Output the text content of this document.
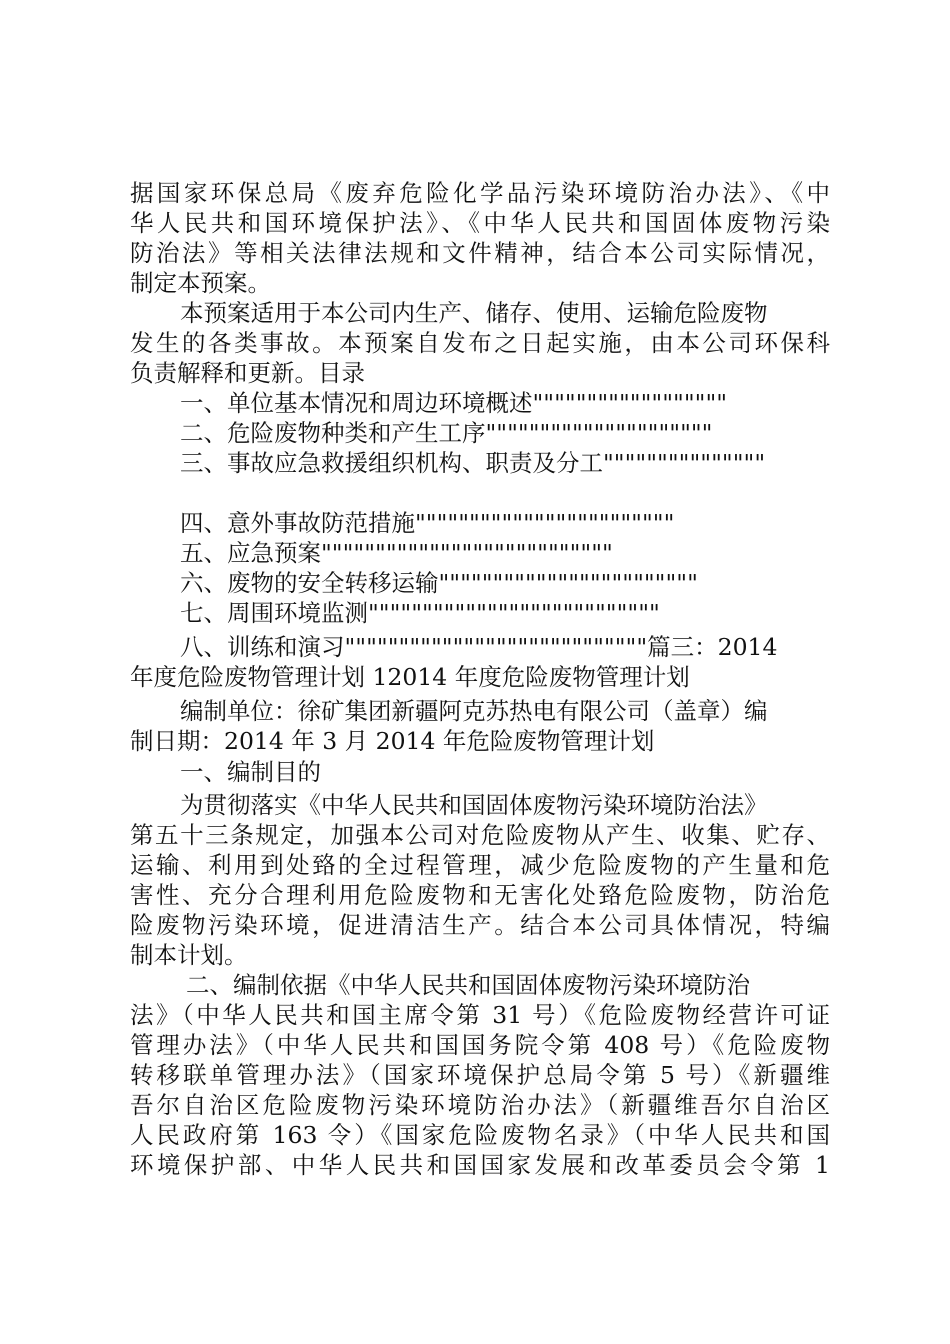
据国家环保总局《废弃危险化学品污染环境防治办法》、《中
华人民共和国环境保护法》、《中华人民共和国固体废物污染
防治法》等相关法律法规和文件精神，结合本公司实际情况，
制定本预案。
本预案适用于本公司内生产、储存、使用、运输危险废物
发生的各类事故。本预案自发布之日起实施，由本公司环保科
负责解释和更新。目录
一、单位基本情况和周边环境概述""""""""""""""""""
二、危险废物种类和产生工序"""""""""""""""""""""
三、事故应急救援组织机构、职责及分工"""""""""""""""
四、意外事故防范措施""""""""""""""""""""""""
五、应急预案"""""""""""""""""""""""""""
六、废物的安全转移运输""""""""""""""""""""""""
七、周围环境监测"""""""""""""""""""""""""""
八、训练和演习""""""""""""""""""""""""""""篇三：2014
年度危险废物管理计划 12014 年度危险废物管理计划
编制单位：徐矿集团新疆阿克苏热电有限公司（盖章）编
制日期：2014 年 3 月 2014 年危险废物管理计划
一、编制目的
为贯彻落实《中华人民共和国固体废物污染环境防治法》
第五十三条规定，加强本公司对危险废物从产生、收集、贮存、
运输、利用到处臵的全过程管理，减少危险废物的产生量和危
害性、充分合理利用危险废物和无害化处臵危险废物，防治危
险废物污染环境，促进清洁生产。结合本公司具体情况，特编
制本计划。
二、编制依据《中华人民共和国固体废物污染环境防治
法》（中华人民共和国主席令第 31 号）《危险废物经营许可证
管理办法》（中华人民共和国国务院令第 408 号）《危险废物
转移联单管理办法》（国家环境保护总局令第 5 号）《新疆维
吾尔自治区危险废物污染环境防治办法》（新疆维吾尔自治区
人民政府第 163 令）《国家危险废物名录》（中华人民共和国
环境保护部、中华人民共和国国家发展和改革委员会令第 1
